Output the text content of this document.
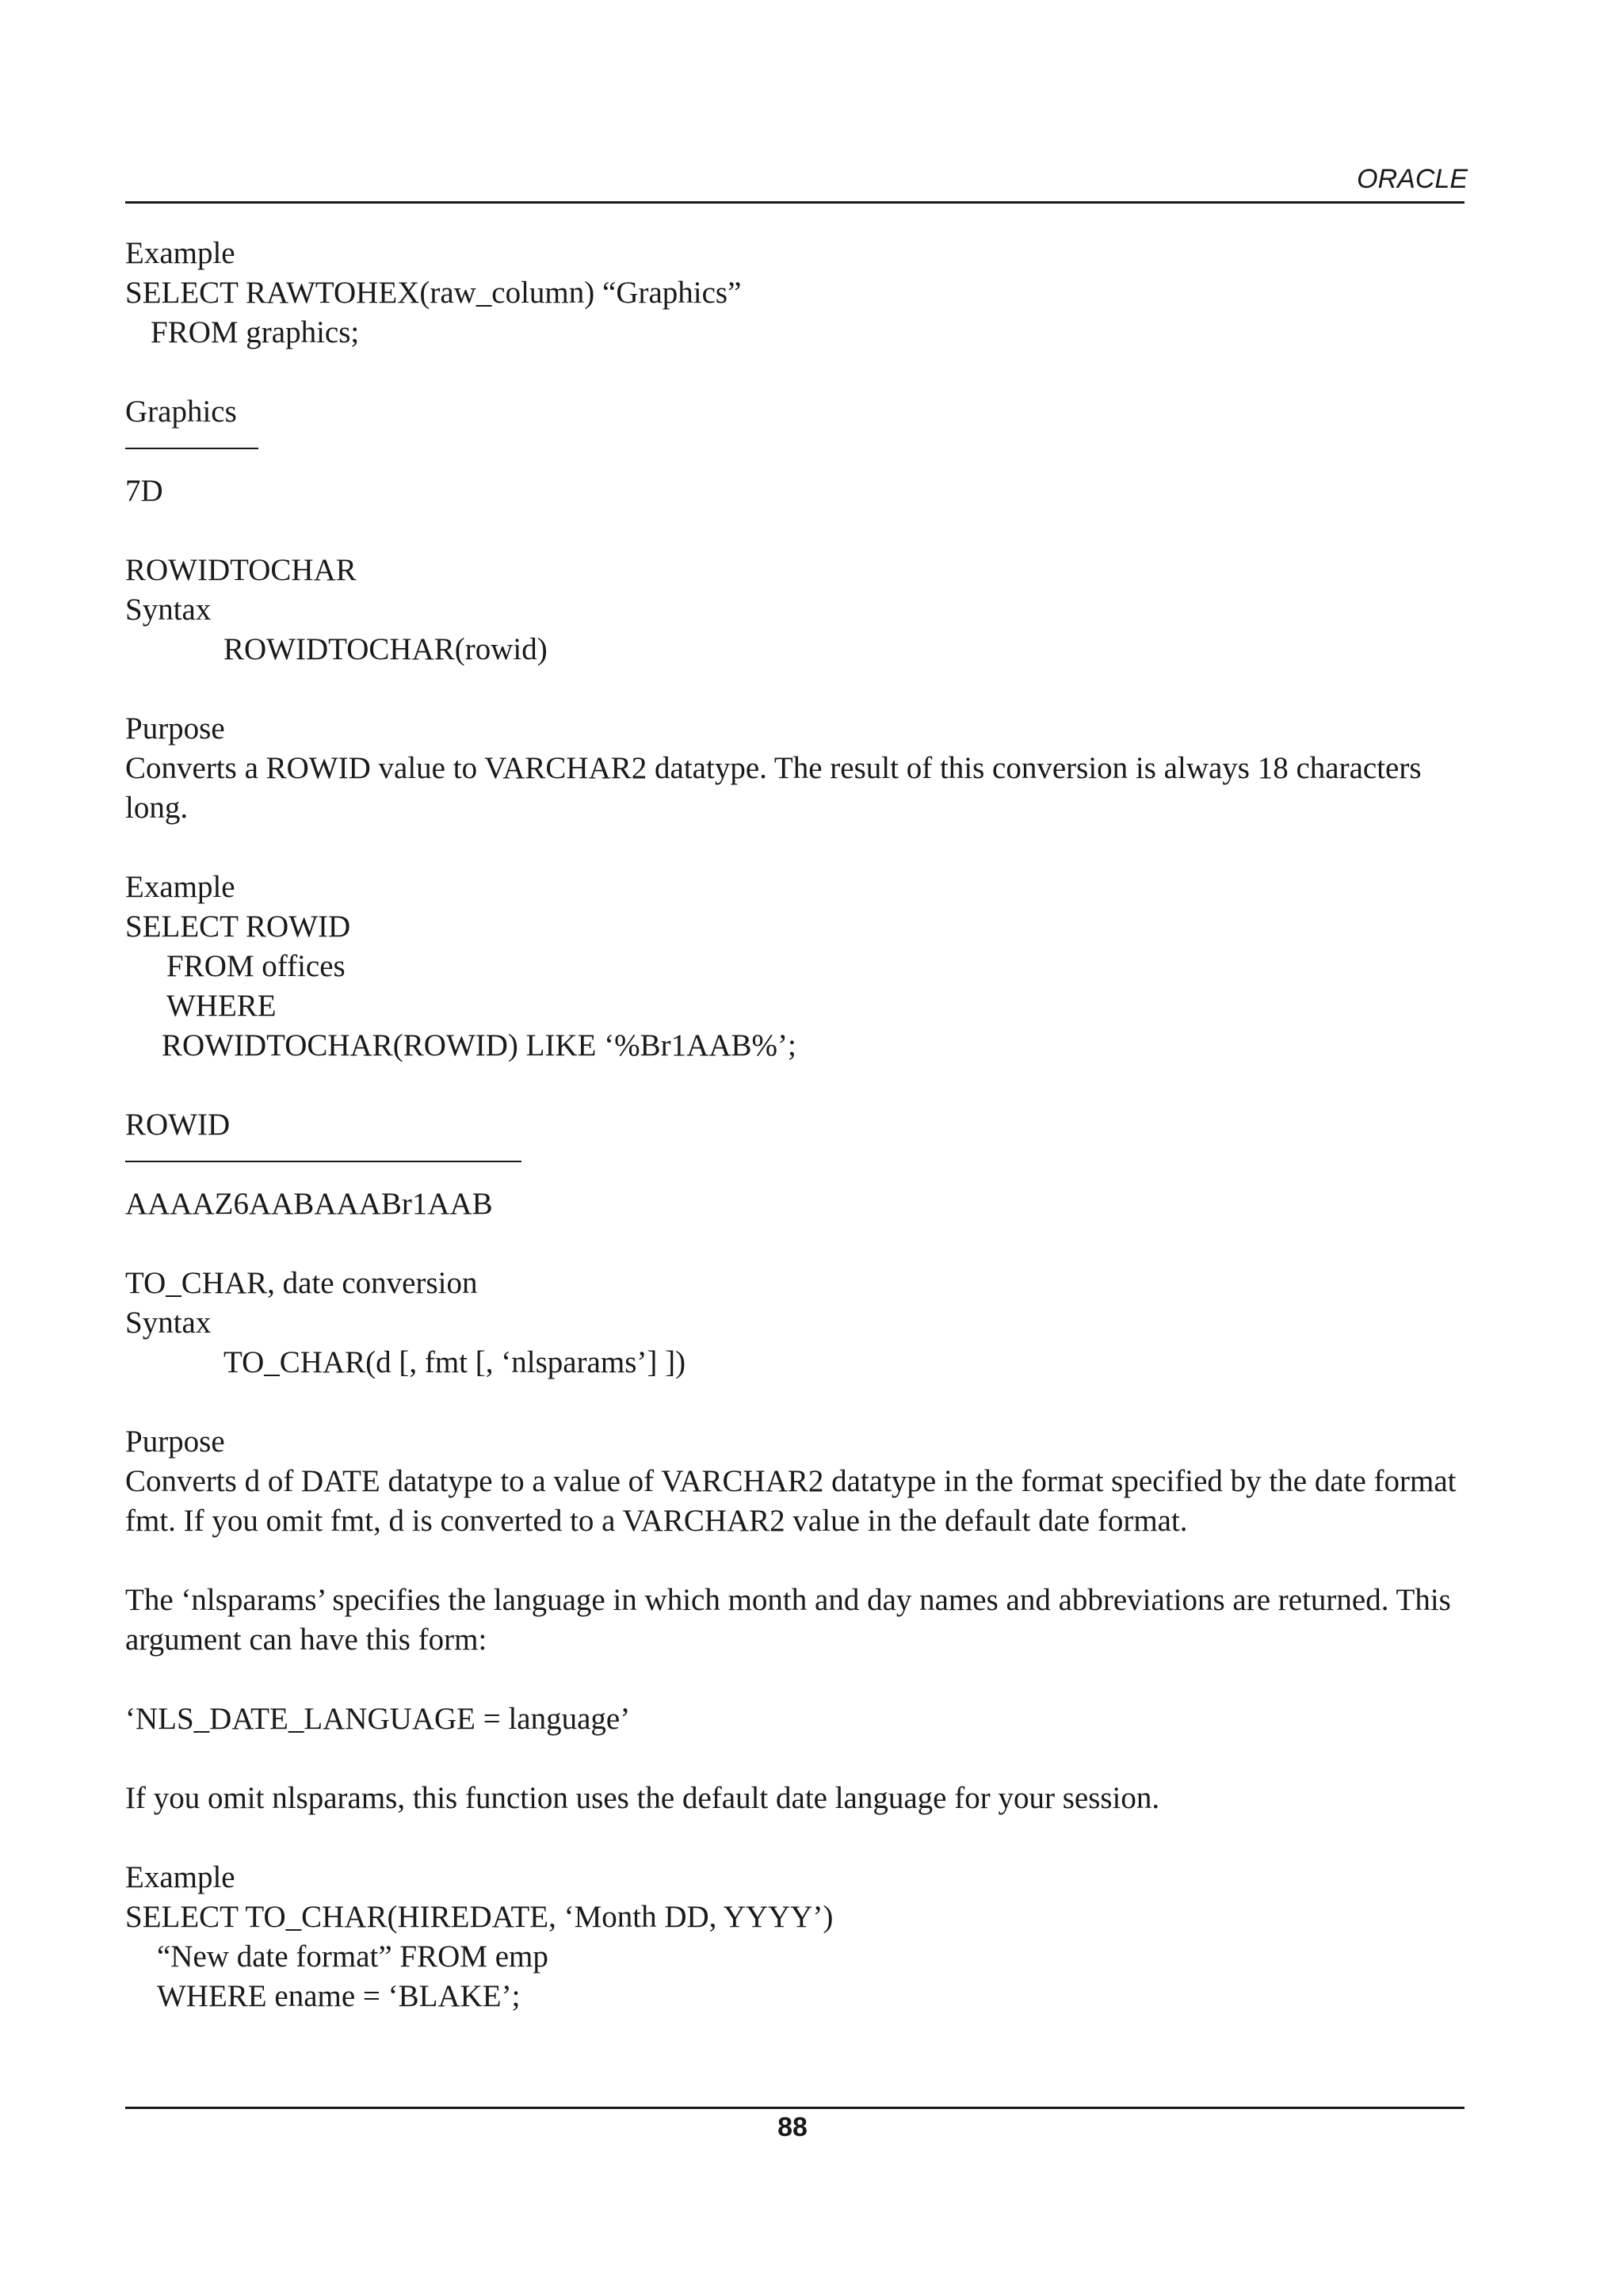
ORACLE
Example
SELECT RAWTOHEX(raw_column) “Graphics”
FROM graphics;
Graphics
7D
ROWIDTOCHAR
Syntax
ROWIDTOCHAR(rowid)
Purpose
Converts a ROWID value to VARCHAR2 datatype. The result of this conversion is always 18 characters long.
Example
SELECT ROWID
FROM offices
WHERE
ROWIDTOCHAR(ROWID) LIKE ‘%Br1AAB%’;
ROWID
AAAAZ6AABAAABr1AAB
TO_CHAR, date conversion
Syntax
TO_CHAR(d [, fmt [, ‘nlsparams’] ])
Purpose
Converts d of DATE datatype to a value of VARCHAR2 datatype in the format specified by the date format fmt. If you omit fmt, d is converted to a VARCHAR2 value in the default date format.
The ‘nlsparams’ specifies the language in which month and day names and abbreviations are returned. This argument can have this form:
‘NLS_DATE_LANGUAGE = language’
If you omit nlsparams, this function uses the default date language for your session.
Example
SELECT TO_CHAR(HIREDATE, ‘Month DD, YYYY’)
“New date format” FROM emp
WHERE ename = ‘BLAKE’;
88
